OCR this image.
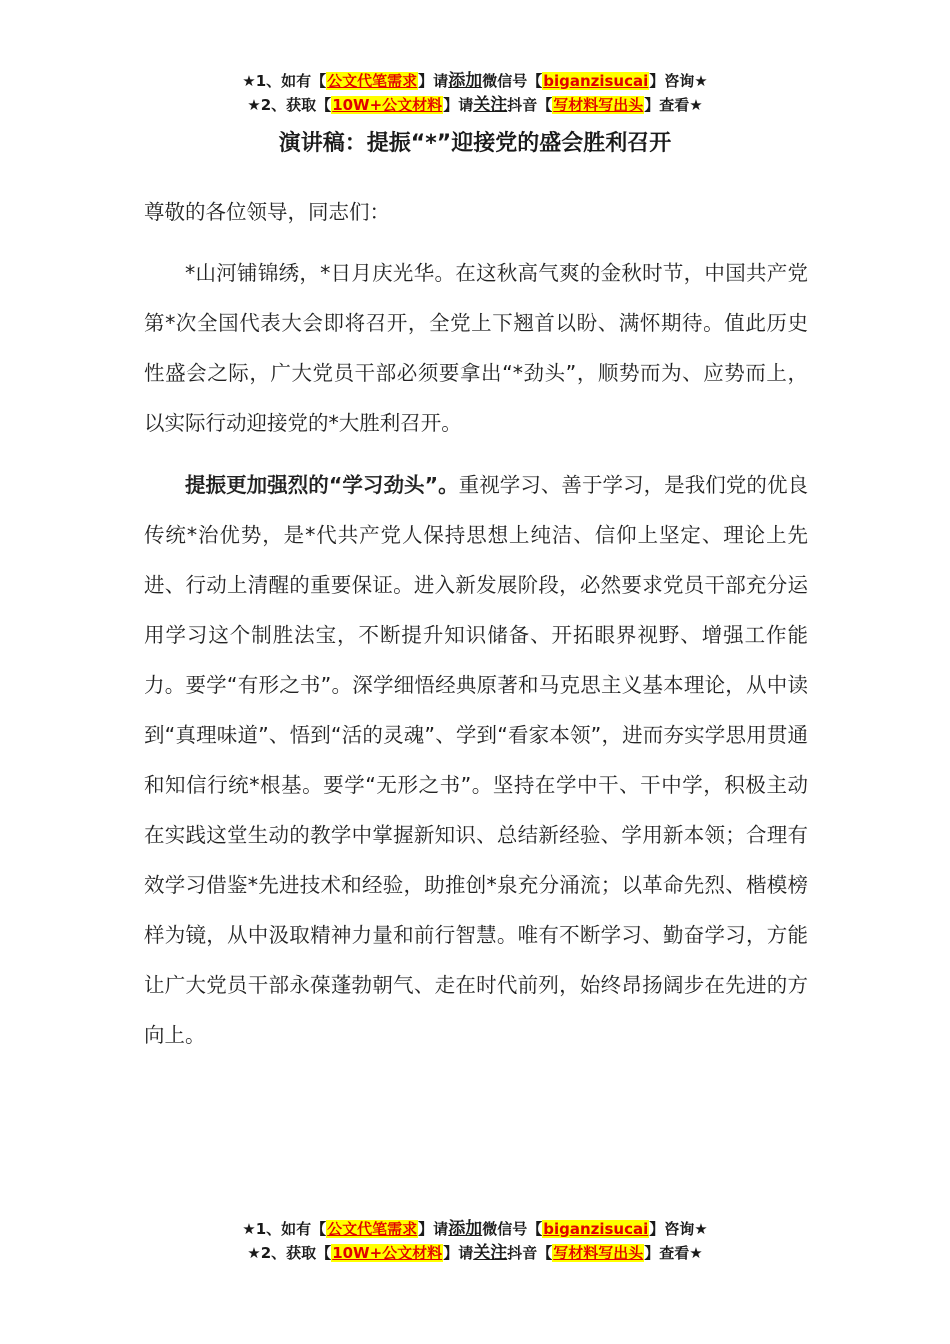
★1、如有【公文代笔需求】请添加微信号【biganzisucai】咨询★
★2、获取【10W+公文材料】请关注抖音【写材料写出头】查看★
演讲稿：提振“*”迎接党的盛会胜利召开

尊敬的各位领导，同志们：

*山河铺锦绣，*日月庆光华。在这秋高气爽的金秋时节，中国共产党第*次全国代表大会即将召开，全党上下翘首以盼、满怀期待。值此历史性盛会之际，广大党员干部必须要拿出“*劲头”，顺势而为、应势而上，以实际行动迎接党的*大胜利召开。

提振更加强烈的“学习劲头”。重视学习、善于学习，是我们党的优良传统*治优势，是*代共产党人保持思想上纯洁、信仰上坚定、理论上先进、行动上清醒的重要保证。进入新发展阶段，必然要求党员干部充分运用学习这个制胜法宝，不断提升知识储备、开拓眼界视野、增强工作能力。要学“有形之书”。深学细悟经典原著和马克思主义基本理论，从中读到“真理味道”、悟到“活的灵魂”、学到“看家本领”，进而夯实学思用贯通和知信行统*根基。要学“无形之书”。坚持在学中干、干中学，积极主动在实践这堂生动的教学中掌握新知识、总结新经验、学用新本领；合理有效学习借鉴*先进技术和经验，助推创*泉充分涌流；以革命先烈、楷模榜样为镜，从中汲取精神力量和前行智慧。唯有不断学习、勤奋学习，方能让广大党员干部永葆蓬勃朝气、走在时代前列，始终昂扬阔步在先进的方向上。

★1、如有【公文代笔需求】请添加微信号【biganzisucai】咨询★
★2、获取【10W+公文材料】请关注抖音【写材料写出头】查看★
